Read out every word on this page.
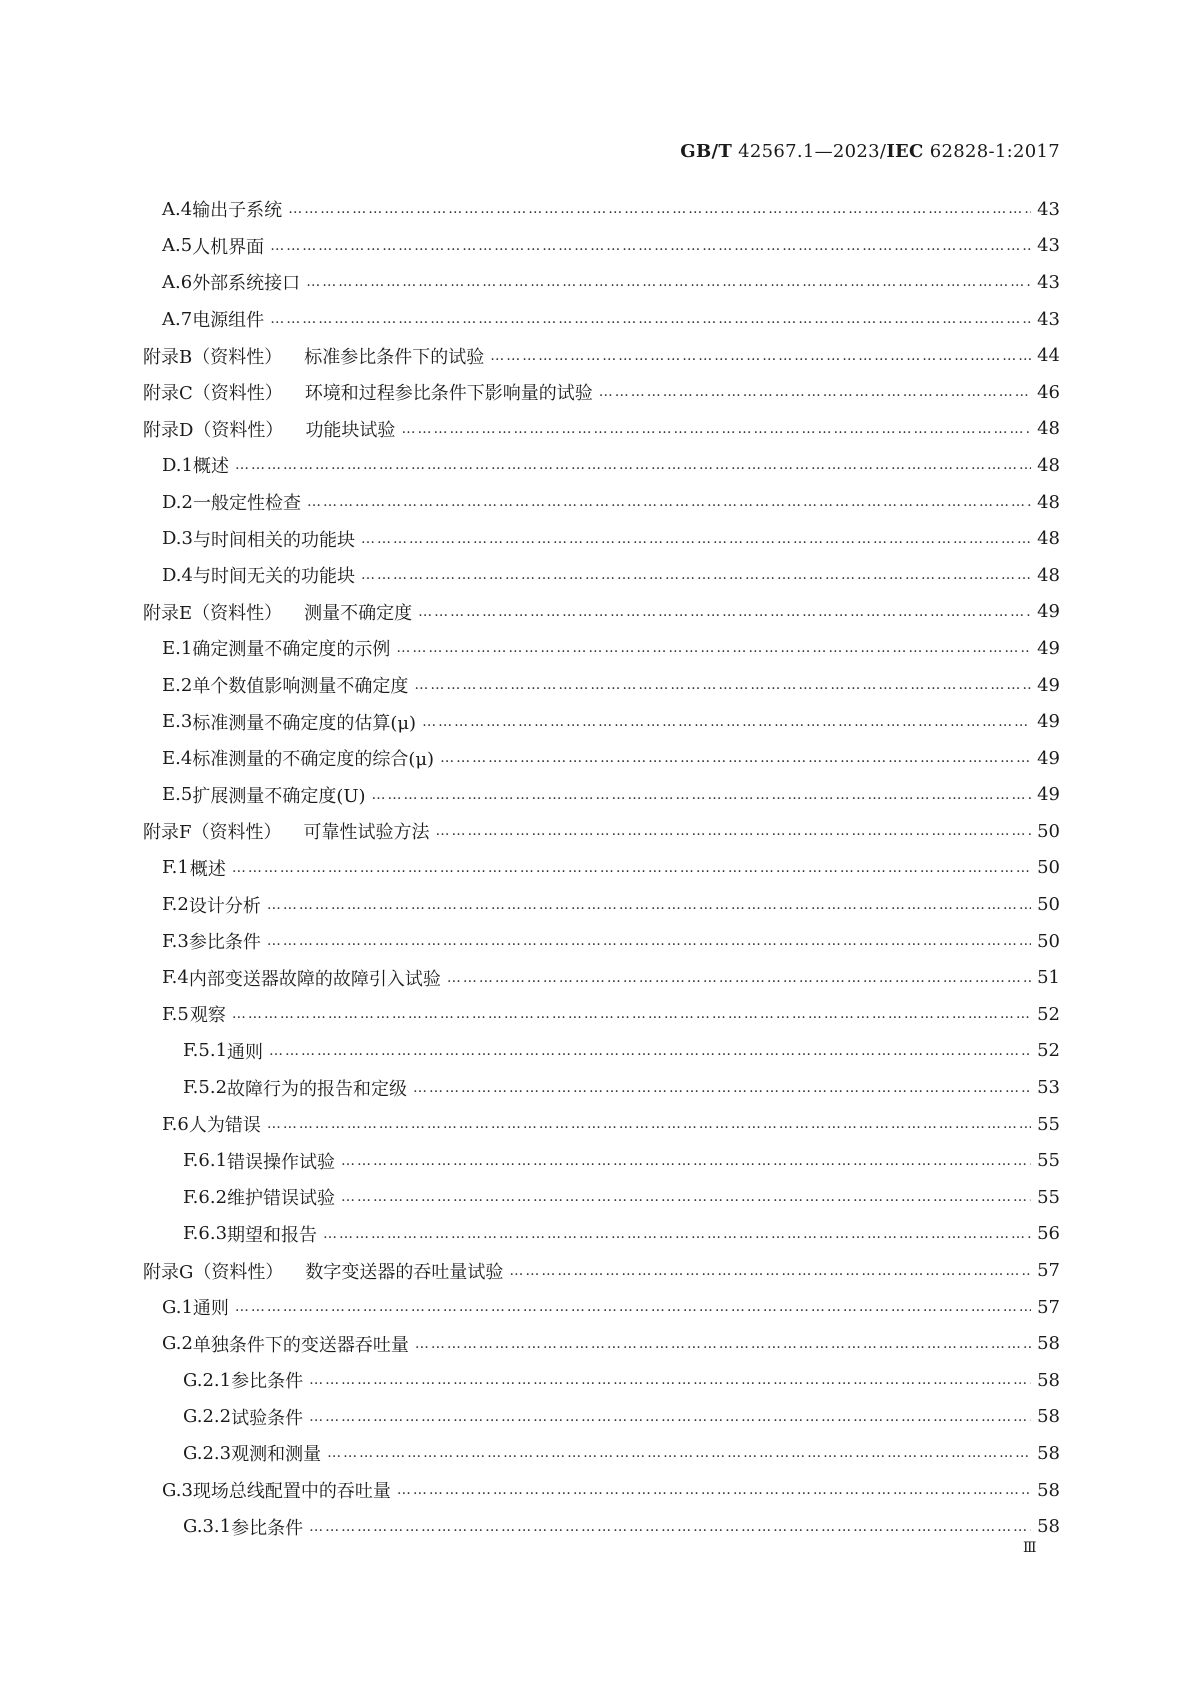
GB/T 42567.1—2023/IEC 62828-1:2017
A.4 输出子系统 ………………………………………………………………………………………………………………………………………………………………………………………………………………………………………………………	43
A.5 人机界面 ………………………………………………………………………………………………………………………………………………………………………………………………………………………………………………………	43
A.6 外部系统接口 ………………………………………………………………………………………………………………………………………………………………………………………………………………………………………………………	43
A.7 电源组件 ………………………………………………………………………………………………………………………………………………………………………………………………………………………………………………………	43
附录B（资料性） 标准参比条件下的试验 ………………………………………………………………………………………………………………………………………………………………………………………………………………………………………………………	44
附录C（资料性） 环境和过程参比条件下影响量的试验 ………………………………………………………………………………………………………………………………………………………………………………………………………………………………………………………	46
附录D（资料性） 功能块试验 ………………………………………………………………………………………………………………………………………………………………………………………………………………………………………………………	48
D.1 概述 ………………………………………………………………………………………………………………………………………………………………………………………………………………………………………………………	48
D.2 一般定性检查 ………………………………………………………………………………………………………………………………………………………………………………………………………………………………………………………	48
D.3 与时间相关的功能块 ………………………………………………………………………………………………………………………………………………………………………………………………………………………………………………………	48
D.4 与时间无关的功能块 ………………………………………………………………………………………………………………………………………………………………………………………………………………………………………………………	48
附录E（资料性） 测量不确定度 ………………………………………………………………………………………………………………………………………………………………………………………………………………………………………………………	49
E.1 确定测量不确定度的示例 ………………………………………………………………………………………………………………………………………………………………………………………………………………………………………………………	49
E.2 单个数值影响测量不确定度 ………………………………………………………………………………………………………………………………………………………………………………………………………………………………………………………	49
E.3 标准测量不确定度的估算(μ) ………………………………………………………………………………………………………………………………………………………………………………………………………………………………………………………	49
E.4 标准测量的不确定度的综合(μ) ………………………………………………………………………………………………………………………………………………………………………………………………………………………………………………………	49
E.5 扩展测量不确定度(U) ………………………………………………………………………………………………………………………………………………………………………………………………………………………………………………………	49
附录F（资料性） 可靠性试验方法 ………………………………………………………………………………………………………………………………………………………………………………………………………………………………………………………	50
F.1 概述 ………………………………………………………………………………………………………………………………………………………………………………………………………………………………………………………	50
F.2 设计分析 ………………………………………………………………………………………………………………………………………………………………………………………………………………………………………………………	50
F.3 参比条件 ………………………………………………………………………………………………………………………………………………………………………………………………………………………………………………………	50
F.4 内部变送器故障的故障引入试验 ………………………………………………………………………………………………………………………………………………………………………………………………………………………………………………………	51
F.5 观察 ………………………………………………………………………………………………………………………………………………………………………………………………………………………………………………………	52
F.5.1 通则 ………………………………………………………………………………………………………………………………………………………………………………………………………………………………………………………	52
F.5.2 故障行为的报告和定级 ………………………………………………………………………………………………………………………………………………………………………………………………………………………………………………………	53
F.6 人为错误 ………………………………………………………………………………………………………………………………………………………………………………………………………………………………………………………	55
F.6.1 错误操作试验 ………………………………………………………………………………………………………………………………………………………………………………………………………………………………………………………	55
F.6.2 维护错误试验 ………………………………………………………………………………………………………………………………………………………………………………………………………………………………………………………	55
F.6.3 期望和报告 ………………………………………………………………………………………………………………………………………………………………………………………………………………………………………………………	56
附录G（资料性） 数字变送器的吞吐量试验 ………………………………………………………………………………………………………………………………………………………………………………………………………………………………………………………	57
G.1 通则 ………………………………………………………………………………………………………………………………………………………………………………………………………………………………………………………	57
G.2 单独条件下的变送器吞吐量 ………………………………………………………………………………………………………………………………………………………………………………………………………………………………………………………	58
G.2.1 参比条件 ………………………………………………………………………………………………………………………………………………………………………………………………………………………………………………………	58
G.2.2 试验条件 ………………………………………………………………………………………………………………………………………………………………………………………………………………………………………………………	58
G.2.3 观测和测量 ………………………………………………………………………………………………………………………………………………………………………………………………………………………………………………………	58
G.3 现场总线配置中的吞吐量 ………………………………………………………………………………………………………………………………………………………………………………………………………………………………………………………	58
G.3.1 参比条件 ………………………………………………………………………………………………………………………………………………………………………………………………………………………………………………………	58
Ⅲ
